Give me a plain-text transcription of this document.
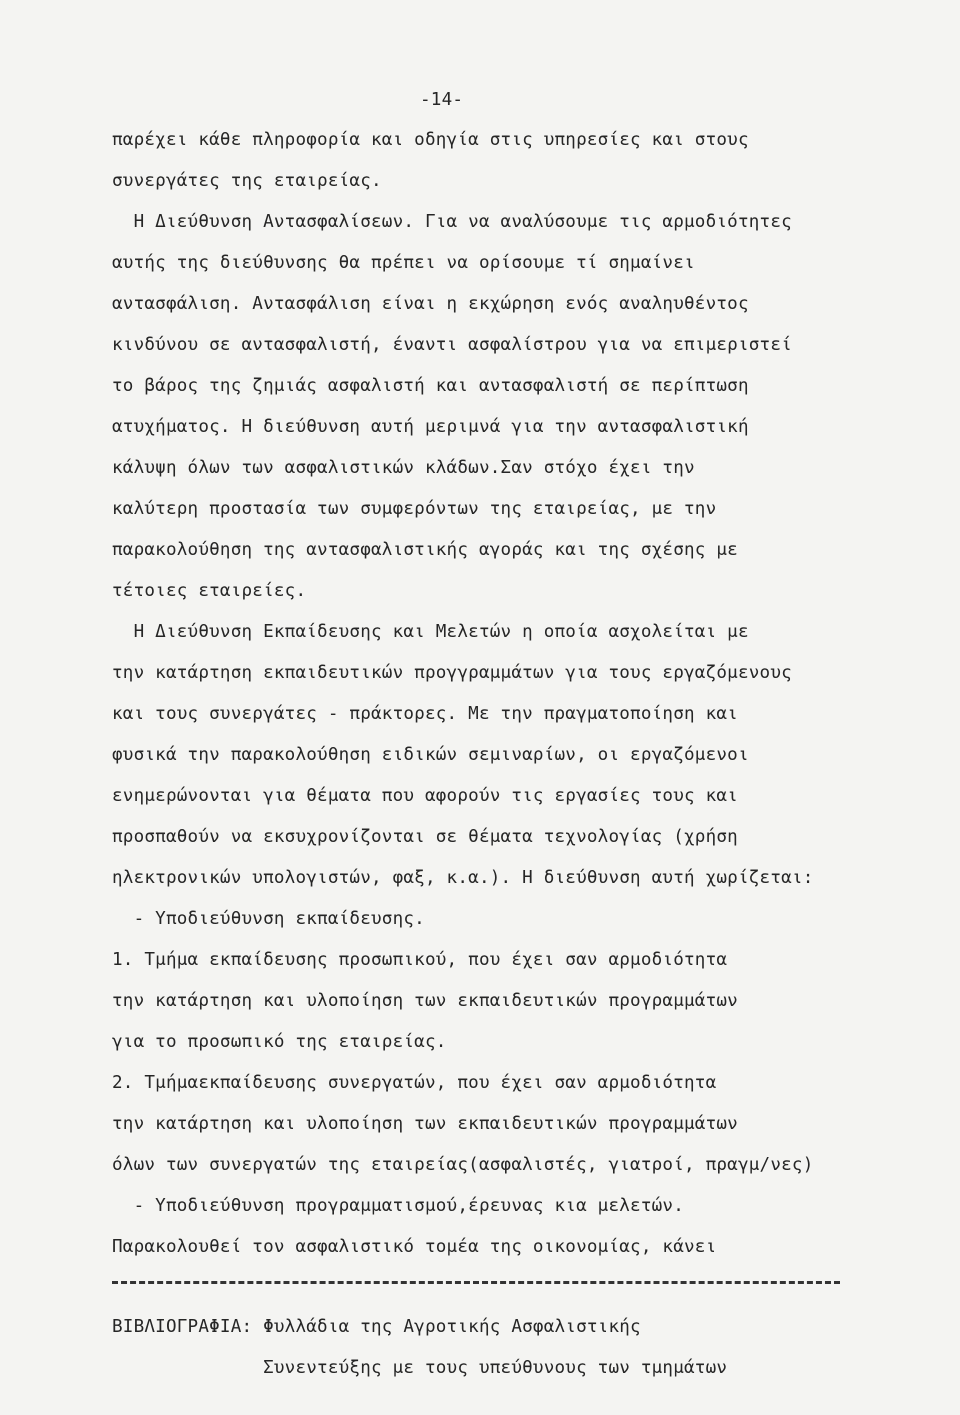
-14-
παρέχει κάθε πληροφορία και οδηγία στις υπηρεσίες και στους
συνεργάτες της εταιρείας.
Η Διεύθυνση Αντασφαλίσεων. Για να αναλύσουμε τις αρμοδιότητες
αυτής της διεύθυνσης θα πρέπει να ορίσουμε τί σημαίνει
αντασφάλιση. Αντασφάλιση είναι η εκχώρηση ενός αναληυθέντος
κινδύνου σε αντασφαλιστή, έναντι ασφαλίστρου για να επιμεριστεί
το βάρος της ζημιάς ασφαλιστή και αντασφαλιστή σε περίπτωση
ατυχήματος. Η διεύθυνση αυτή μεριμνά για την αντασφαλιστική
κάλυψη όλων των ασφαλιστικών κλάδων.Σαν στόχο έχει την
καλύτερη προστασία των συμφερόντων της εταιρείας, με την
παρακολούθηση της αντασφαλιστικής αγοράς και της σχέσης με
τέτοιες εταιρείες.
Η Διεύθυνση Εκπαίδευσης και Μελετών η οποία ασχολείται με
την κατάρτηση εκπαιδευτικών προγγραμμάτων για τους εργαζόμενους
και τους συνεργάτες - πράκτορες. Με την πραγματοποίηση και
φυσικά την παρακολούθηση ειδικών σεμιναρίων, οι εργαζόμενοι
ενημερώνονται για θέματα που αφορούν τις εργασίες τους και
προσπαθούν να εκσυχρονίζονται σε θέματα τεχνολογίας (χρήση
ηλεκτρονικών υπολογιστών, φαξ, κ.α.). Η διεύθυνση αυτή χωρίζεται:
- Υποδιεύθυνση εκπαίδευσης.
1. Τμήμα εκπαίδευσης προσωπικού, που έχει σαν αρμοδιότητα
την κατάρτηση και υλοποίηση των εκπαιδευτικών προγραμμάτων
για το προσωπικό της εταιρείας.
2. Τμήμαεκπαίδευσης συνεργατών, που έχει σαν αρμοδιότητα
την κατάρτηση και υλοποίηση των εκπαιδευτικών προγραμμάτων
όλων των συνεργατών της εταιρείας(ασφαλιστές, γιατροί, πραγμ/νες)
- Υποδιεύθυνση προγραμματισμού,έρευνας κια μελετών.
Παρακολουθεί τον ασφαλιστικό τομέα της οικονομίας, κάνει
ΒΙΒΛΙΟΓΡΑΦΙΑ: Φυλλάδια της Αγροτικής Ασφαλιστικής
Συνεντεύξης με τους υπεύθυνους των τμημάτων
